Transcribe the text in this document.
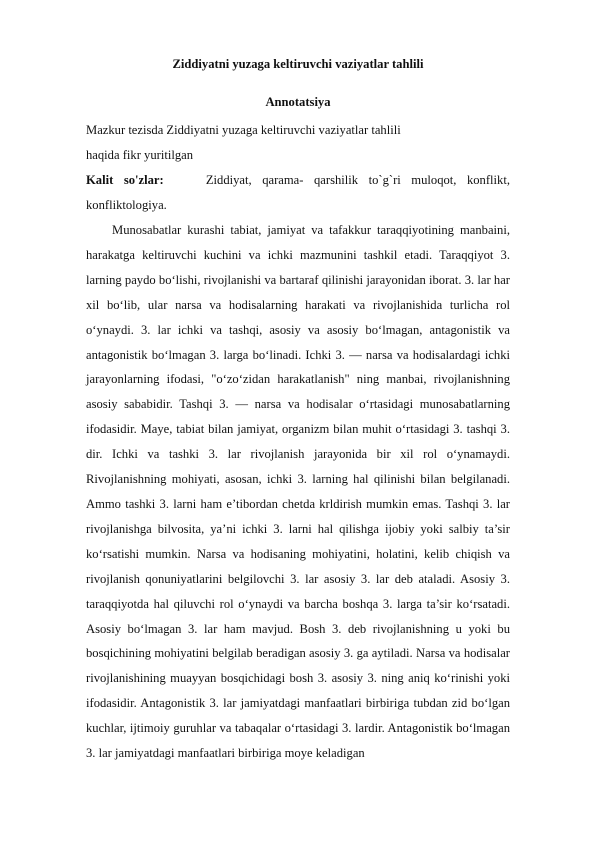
Ziddiyatni yuzaga keltiruvchi vaziyatlar tahlili

Annotatsiya

Mazkur tezisda Ziddiyatni yuzaga keltiruvchi vaziyatlar tahlili

haqida fikr yuritilgan

Kalit so'zlar:	Ziddiyat, qarama- qarshilik to`g`ri muloqot, konflikt, konfliktologiya.

Munosabatlar kurashi tabiat, jamiyat va tafakkur taraqqiyotining manbaini, harakatga keltiruvchi kuchini va ichki mazmunini tashkil etadi. Taraqqiyot 3. larning paydo bo‘lishi, rivojlanishi va bartaraf qilinishi jarayonidan iborat. 3. lar har xil bo‘lib, ular narsa va hodisalarning harakati va rivojlanishida turlicha rol o‘ynaydi. 3. lar ichki va tashqi, asosiy va asosiy bo‘lmagan, antagonistik va antagonistik bo‘lmagan 3. larga bo‘linadi. Ichki 3. — narsa va hodisalardagi ichki jarayonlarning ifodasi, "o‘zo‘zidan harakatlanish" ning manbai, rivojlanishning asosiy sababidir. Tashqi 3. — narsa va hodisalar o‘rtasidagi munosabatlarning ifodasidir. Maye, tabiat bilan jamiyat, organizm bilan muhit o‘rtasidagi 3. tashqi 3. dir. Ichki va tashki 3. lar rivojlanish jarayonida bir xil rol o‘ynamaydi. Rivojlanishning mohiyati, asosan, ichki 3. larning hal qilinishi bilan belgilanadi. Ammo tashki 3. larni ham e’tibordan chetda krldirish mumkin emas. Tashqi 3. lar rivojlanishga bilvosita, ya’ni ichki 3. larni hal qilishga ijobiy yoki salbiy ta’sir ko‘rsatishi mumkin. Narsa va hodisaning mohiyatini, holatini, kelib chiqish va rivojlanish qonuniyatlarini belgilovchi 3. lar asosiy 3. lar deb ataladi. Asosiy 3. taraqqiyotda hal qiluvchi rol o‘ynaydi va barcha boshqa 3. larga ta’sir ko‘rsatadi. Asosiy bo‘lmagan 3. lar ham mavjud. Bosh 3. deb rivojlanishning u yoki bu bosqichining mohiyatini belgilab beradigan asosiy 3. ga aytiladi. Narsa va hodisalar rivojlanishining muayyan bosqichidagi bosh 3. asosiy 3. ning aniq ko‘rinishi yoki ifodasidir. Antagonistik 3. lar jamiyatdagi manfaatlari birbiriga tubdan zid bo‘lgan kuchlar, ijtimoiy guruhlar va tabaqalar o‘rtasidagi 3. lardir. Antagonistik bo‘lmagan 3. lar jamiyatdagi manfaatlari birbiriga moye keladigan
